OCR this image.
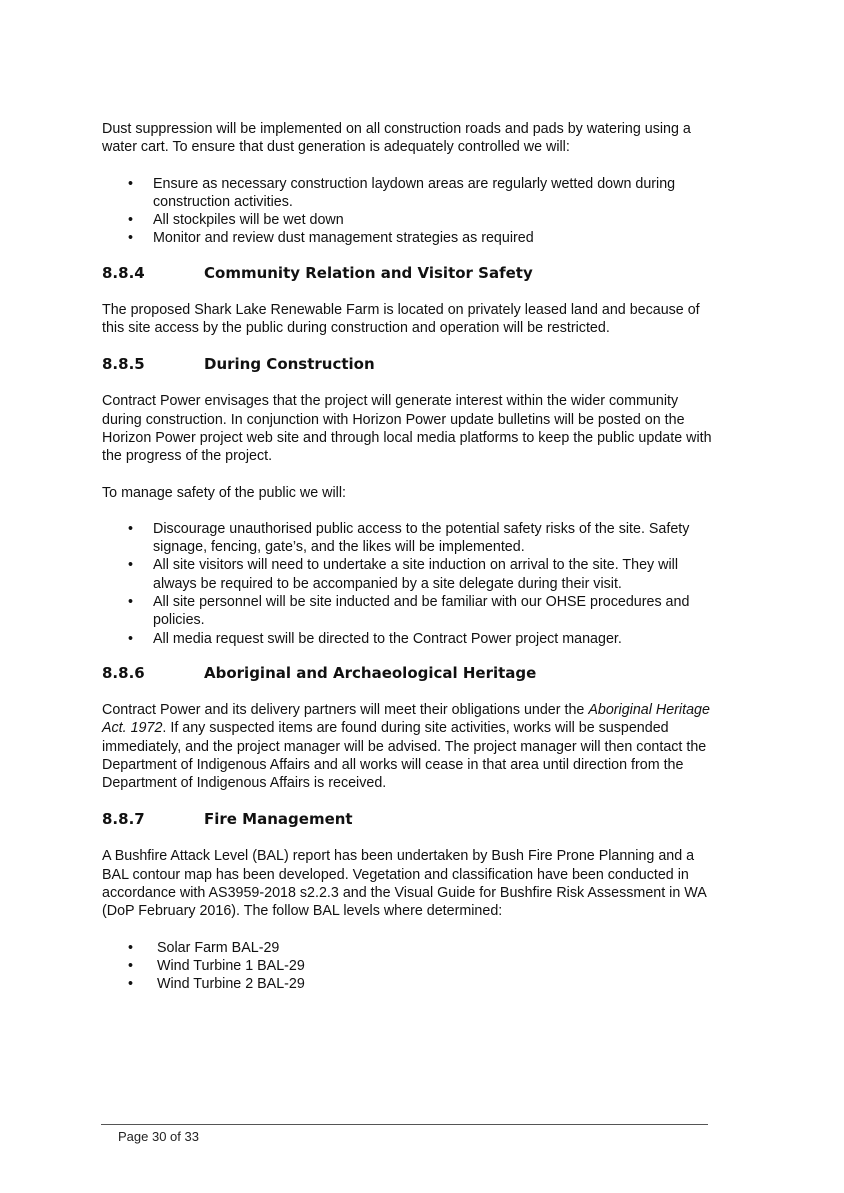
Dust suppression will be implemented on all construction roads and pads by watering using a water cart. To ensure that dust generation is adequately controlled we will:

• Ensure as necessary construction laydown areas are regularly wetted down during construction activities.
• All stockpiles will be wet down
• Monitor and review dust management strategies as required
8.8.4	Community Relation and Visitor Safety

The proposed Shark Lake Renewable Farm is located on privately leased land and because of this site access by the public during construction and operation will be restricted.

8.8.5	During Construction

Contract Power envisages that the project will generate interest within the wider community during construction. In conjunction with Horizon Power update bulletins will be posted on the Horizon Power project web site and through local media platforms to keep the public update with the progress of the project.

To manage safety of the public we will:

• Discourage unauthorised public access to the potential safety risks of the site. Safety signage, fencing, gate’s, and the likes will be implemented.
• All site visitors will need to undertake a site induction on arrival to the site. They will always be required to be accompanied by a site delegate during their visit.
• All site personnel will be site inducted and be familiar with our OHSE procedures and policies.
• All media request swill be directed to the Contract Power project manager.
8.8.6	Aboriginal and Archaeological Heritage

Contract Power and its delivery partners will meet their obligations under the Aboriginal Heritage Act. 1972. If any suspected items are found during site activities, works will be suspended immediately, and the project manager will be advised. The project manager will then contact the Department of Indigenous Affairs and all works will cease in that area until direction from the Department of Indigenous Affairs is received.

8.8.7	Fire Management

A Bushfire Attack Level (BAL) report has been undertaken by Bush Fire Prone Planning and a BAL contour map has been developed. Vegetation and classification have been conducted in accordance with AS3959-2018 s2.2.3 and the Visual Guide for Bushfire Risk Assessment in WA (DoP February 2016). The follow BAL levels where determined:

• Solar Farm BAL-29
• Wind Turbine 1 BAL-29
• Wind Turbine 2 BAL-29
Page 30 of 33
